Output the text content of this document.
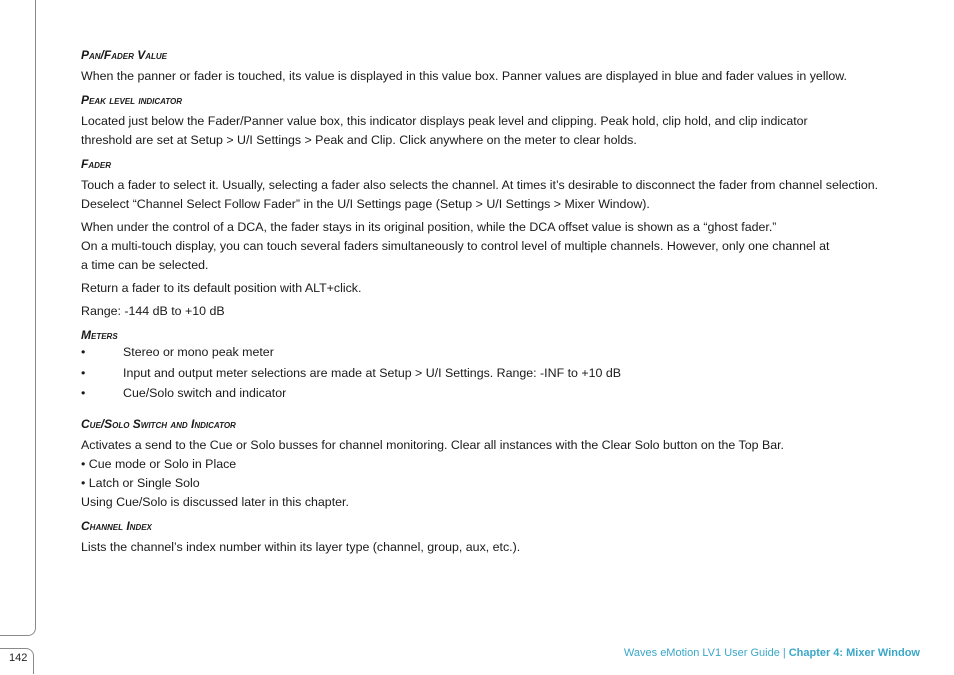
142
Pan/Fader Value

When the panner or fader is touched, its value is displayed in this value box. Panner values are displayed in blue and fader values in yellow.

Peak level indicator

Located just below the Fader/Panner value box, this indicator displays peak level and clipping. Peak hold, clip hold, and clip indicator

threshold are set at Setup > U/I Settings > Peak and Clip. Click anywhere on the meter to clear holds.

Fader

Touch a fader to select it. Usually, selecting a fader also selects the channel. At times it’s desirable to disconnect the fader from channel selection.

Deselect “Channel Select Follow Fader” in the U/I Settings page (Setup > U/I Settings > Mixer Window).

When under the control of a DCA, the fader stays in its original position, while the DCA offset value is shown as a “ghost fader.”

On a multi-touch display, you can touch several faders simultaneously to control level of multiple channels. However, only one channel at

a time can be selected.

Return a fader to its default position with ALT+click.

Range: -144 dB to +10 dB

Meters
•	Stereo or mono peak meter
•	Input and output meter selections are made at Setup > U/I Settings. Range: -INF to +10 dB
•	Cue/Solo switch and indicator
Cue/Solo Switch and Indicator

Activates a send to the Cue or Solo busses for channel monitoring. Clear all instances with the Clear Solo button on the Top Bar.

• Cue mode or Solo in Place

• Latch or Single Solo

Using Cue/Solo is discussed later in this chapter.

Channel Index

Lists the channel’s index number within its layer type (channel, group, aux, etc.).

Waves eMotion LV1 User Guide | Chapter 4: Mixer Window
